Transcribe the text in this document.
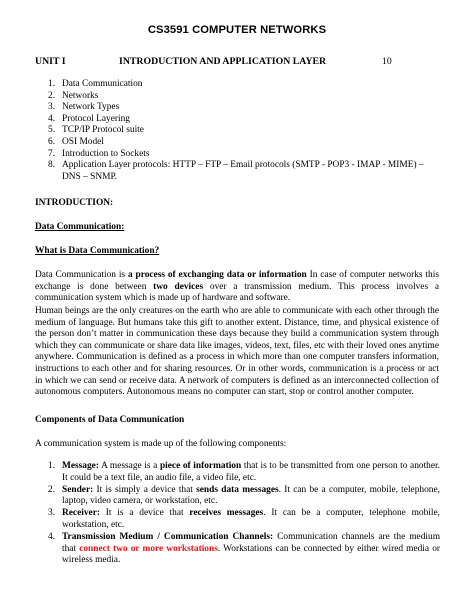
CS3591 COMPUTER NETWORKS
UNIT I	INTRODUCTION AND APPLICATION LAYER	10
1. Data Communication
2. Networks
3. Network Types
4. Protocol Layering
5. TCP/IP Protocol suite
6. OSI Model
7. Introduction to Sockets
8. Application Layer protocols: HTTP – FTP – Email protocols (SMTP - POP3 - IMAP - MIME) – DNS – SNMP.
INTRODUCTION:
Data Communication:
What is Data Communication?

Data Communication is a process of exchanging data or information In case of computer networks this exchange is done between two devices over a transmission medium. This process involves a communication system which is made up of hardware and software.

Human beings are the only creatures on the earth who are able to communicate with each other through the medium of language. But humans take this gift to another extent. Distance, time, and physical existence of the person don’t matter in communication these days because they build a communication system through which they can communicate or share data like images, videos, text, files, etc with their loved ones anytime anywhere. Communication is defined as a process in which more than one computer transfers information, instructions to each other and for sharing resources. Or in other words, communication is a process or act in which we can send or receive data. A network of computers is defined as an interconnected collection of autonomous computers. Autonomous means no computer can start, stop or control another computer.

Components of Data Communication

A communication system is made up of the following components:

1. Message: A message is a piece of information that is to be transmitted from one person to another. It could be a text file, an audio file, a video file, etc.
2. Sender: It is simply a device that sends data messages. It can be a computer, mobile, telephone, laptop, video camera, or workstation, etc.
3. Receiver: It is a device that receives messages. It can be a computer, telephone mobile, workstation, etc.
4. Transmission Medium / Communication Channels: Communication channels are the medium that connect two or more workstations. Workstations can be connected by either wired media or wireless media.
